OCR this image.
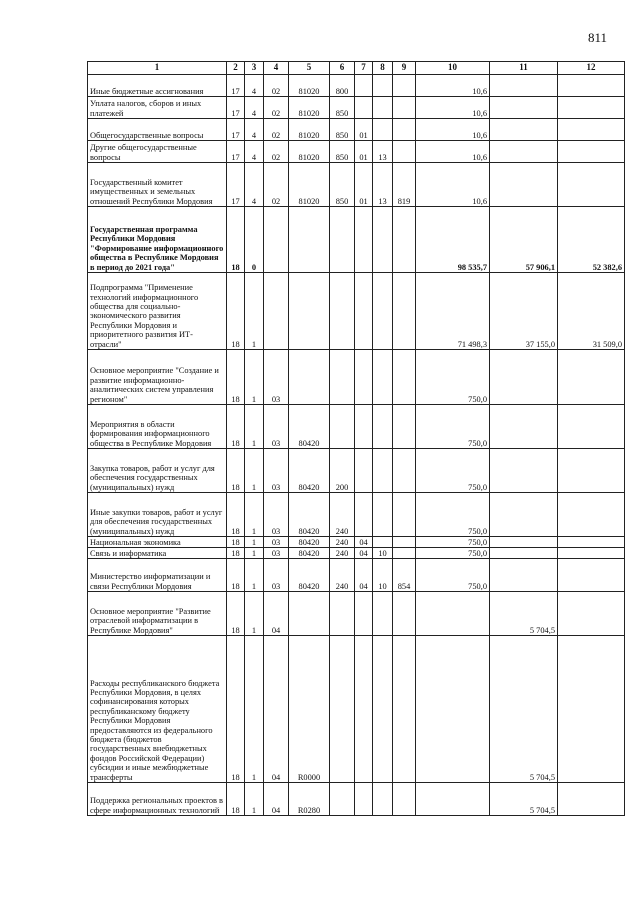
811
1	2	3	4	5	6	7	8	9	10	11	12
Иные бюджетные ассигнования	17	4	02	81020	800				10,6		
Уплата налогов, сборов и иных платежей	17	4	02	81020	850				10,6		
Общегосударственные вопросы	17	4	02	81020	850	01			10,6		
Другие общегосударственные вопросы	17	4	02	81020	850	01	13		10,6		
Государственный комитет имущественных и земельных отношений Республики Мордовия	17	4	02	81020	850	01	13	819	10,6		
Государственная программа Республики Мордовия "Формирование информационного общества в Республике Мордовия в период до 2021 года"	18	0							98 535,7	57 906,1	52 382,6
Подпрограмма "Применение технологий информационного общества для социально-экономического развития Республики Мордовия и приоритетного развития ИТ-отрасли"	18	1							71 498,3	37 155,0	31 509,0
Основное мероприятие "Создание и развитие информационно-аналитических систем управления регионом"	18	1	03						750,0		
Мероприятия в области формирования информационного общества в Республике Мордовия	18	1	03	80420					750,0		
Закупка товаров, работ и услуг для обеспечения государственных (муниципальных) нужд	18	1	03	80420	200				750,0		
Иные закупки товаров, работ и услуг для обеспечения государственных (муниципальных) нужд	18	1	03	80420	240				750,0		
Национальная экономика	18	1	03	80420	240	04			750,0		
Связь и информатика	18	1	03	80420	240	04	10		750,0		
Министерство информатизации и связи Республики Мордовия	18	1	03	80420	240	04	10	854	750,0		
Основное мероприятие "Развитие отраслевой информатизации в Республике Мордовия"	18	1	04							5 704,5	
Расходы республиканского бюджета Республики Мордовия, в целях софинансирования которых республиканскому бюджету Республики Мордовия предоставляются из федерального бюджета (бюджетов государственных внебюджетных фондов Российской Федерации) субсидии и иные межбюджетные трансферты	18	1	04	R0000						5 704,5	
Поддержка региональных проектов в сфере информационных технологий	18	1	04	R0280						5 704,5	
